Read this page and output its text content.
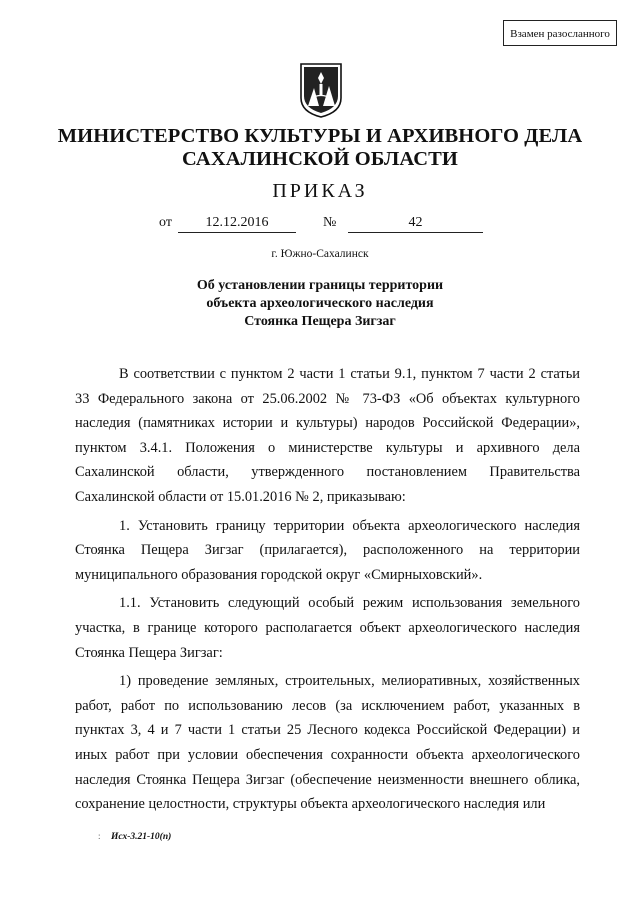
Взамен разосланного
МИНИСТЕРСТВО КУЛЬТУРЫ И АРХИВНОГО ДЕЛА
САХАЛИНСКОЙ ОБЛАСТИ
ПРИКАЗ
от	12.12.2016	№	42
г. Южно-Сахалинск
Об установлении границы территории
объекта археологического наследия
Стоянка Пещера Зигзаг

В соответствии с пунктом 2 части 1 статьи 9.1, пунктом 7 части 2 статьи 33 Федерального закона от 25.06.2002 № 73-ФЗ «Об объектах культурного наследия (памятниках истории и культуры) народов Российской Федерации», пунктом 3.4.1. Положения о министерстве культуры и архивного дела Сахалинской области, утвержденного постановлением Правительства Сахалинской области от 15.01.2016 № 2, приказываю:

1. Установить границу территории объекта археологического наследия Стоянка Пещера Зигзаг (прилагается), расположенного на территории муниципального образования городской округ «Смирныховский».

1.1. Установить следующий особый режим использования земельного участка, в границе которого располагается объект археологического наследия Стоянка Пещера Зигзаг:

1) проведение земляных, строительных, мелиоративных, хозяйственных работ, работ по использованию лесов (за исключением работ, указанных в пунктах 3, 4 и 7 части 1 статьи 25 Лесного кодекса Российской Федерации) и иных работ при условии обеспечения сохранности объекта археологического наследия Стоянка Пещера Зигзаг (обеспечение неизменности внешнего облика, сохранение целостности, структуры объекта археологического наследия или

: Исх-3.21-10(п)
